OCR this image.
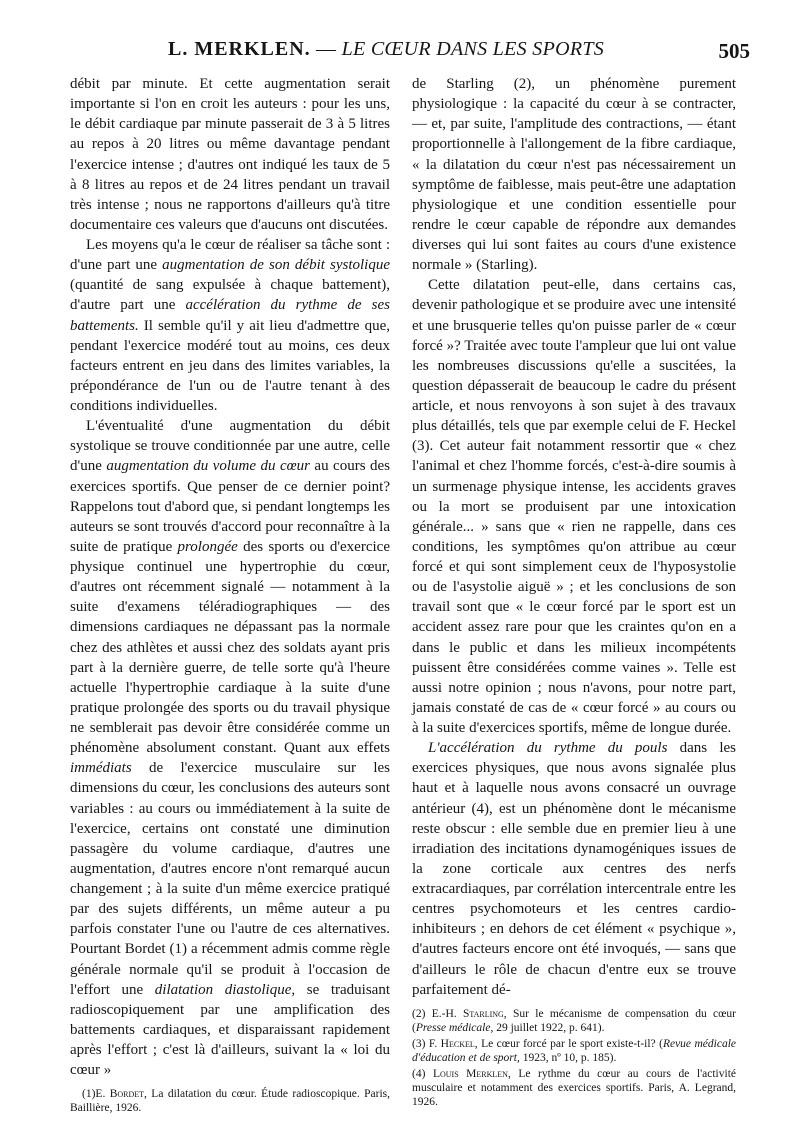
L. MERKLEN. — LE CŒUR DANS LES SPORTS	505

débit par minute. Et cette augmentation serait importante si l'on en croit les auteurs : pour les uns, le débit cardiaque par minute passerait de 3 à 5 litres au repos à 20 litres ou même davantage pendant l'exercice intense ; d'autres ont indiqué les taux de 5 à 8 litres au repos et de 24 litres pendant un travail très intense ; nous ne rapportons d'ailleurs qu'à titre documentaire ces valeurs que d'aucuns ont discutées.

Les moyens qu'a le cœur de réaliser sa tâche sont : d'une part une augmentation de son débit systolique (quantité de sang expulsée à chaque battement), d'autre part une accélération du rythme de ses battements. Il semble qu'il y ait lieu d'admettre que, pendant l'exercice modéré tout au moins, ces deux facteurs entrent en jeu dans des limites variables, la prépondérance de l'un ou de l'autre tenant à des conditions individuelles.

L'éventualité d'une augmentation du débit systolique se trouve conditionnée par une autre, celle d'une augmentation du volume du cœur au cours des exercices sportifs. Que penser de ce dernier point? Rappelons tout d'abord que, si pendant longtemps les auteurs se sont trouvés d'accord pour reconnaître à la suite de pratique prolongée des sports ou d'exercice physique continuel une hypertrophie du cœur, d'autres ont récemment signalé — notamment à la suite d'examens téléradiographiques — des dimensions cardiaques ne dépassant pas la normale chez des athlètes et aussi chez des soldats ayant pris part à la dernière guerre, de telle sorte qu'à l'heure actuelle l'hypertrophie cardiaque à la suite d'une pratique prolongée des sports ou du travail physique ne semblerait pas devoir être considérée comme un phénomène absolument constant. Quant aux effets immédiats de l'exercice musculaire sur les dimensions du cœur, les conclusions des auteurs sont variables : au cours ou immédiatement à la suite de l'exercice, certains ont constaté une diminution passagère du volume cardiaque, d'autres une augmentation, d'autres encore n'ont remarqué aucun changement ; à la suite d'un même exercice pratiqué par des sujets différents, un même auteur a pu parfois constater l'une ou l'autre de ces alternatives. Pourtant Bordet (1) a récemment admis comme règle générale normale qu'il se produit à l'occasion de l'effort une dilatation diastolique, se traduisant radioscopiquement par une amplification des battements cardiaques, et disparaissant rapidement après l'effort ; c'est là d'ailleurs, suivant la « loi du cœur »

(1)E. Bordet, La dilatation du cœur. Étude radioscopique. Paris, Baillière, 1926.

de Starling (2), un phénomène purement physiologique : la capacité du cœur à se contracter, — et, par suite, l'amplitude des contractions, — étant proportionnelle à l'allongement de la fibre cardiaque, « la dilatation du cœur n'est pas nécessairement un symptôme de faiblesse, mais peut-être une adaptation physiologique et une condition essentielle pour rendre le cœur capable de répondre aux demandes diverses qui lui sont faites au cours d'une existence normale » (Starling).

Cette dilatation peut-elle, dans certains cas, devenir pathologique et se produire avec une intensité et une brusquerie telles qu'on puisse parler de « cœur forcé »? Traitée avec toute l'ampleur que lui ont value les nombreuses discussions qu'elle a suscitées, la question dépasserait de beaucoup le cadre du présent article, et nous renvoyons à son sujet à des travaux plus détaillés, tels que par exemple celui de F. Heckel (3). Cet auteur fait notamment ressortir que « chez l'animal et chez l'homme forcés, c'est-à-dire soumis à un surmenage physique intense, les accidents graves ou la mort se produisent par une intoxication générale... » sans que « rien ne rappelle, dans ces conditions, les symptômes qu'on attribue au cœur forcé et qui sont simplement ceux de l'hyposystolie ou de l'asystolie aiguë » ; et les conclusions de son travail sont que « le cœur forcé par le sport est un accident assez rare pour que les craintes qu'on en a dans le public et dans les milieux incompétents puissent être considérées comme vaines ». Telle est aussi notre opinion ; nous n'avons, pour notre part, jamais constaté de cas de « cœur forcé » au cours ou à la suite d'exercices sportifs, même de longue durée.

L'accélération du rythme du pouls dans les exercices physiques, que nous avons signalée plus haut et à laquelle nous avons consacré un ouvrage antérieur (4), est un phénomène dont le mécanisme reste obscur : elle semble due en premier lieu à une irradiation des incitations dynamogéniques issues de la zone corticale aux centres des nerfs extracardiaques, par corrélation intercentrale entre les centres psychomoteurs et les centres cardio-inhibiteurs ; en dehors de cet élément « psychique », d'autres facteurs encore ont été invoqués, — sans que d'ailleurs le rôle de chacun d'entre eux se trouve parfaitement dé-

(2) E.-H. Starling, Sur le mécanisme de compensation du cœur (Presse médicale, 29 juillet 1922, p. 641).

(3) F. Heckel, Le cœur forcé par le sport existe-t-il? (Revue médicale d'éducation et de sport, 1923, nº 10, p. 185).

(4) Louis Merklen, Le rythme du cœur au cours de l'activité musculaire et notamment des exercices sportifs. Paris, A. Legrand, 1926.
